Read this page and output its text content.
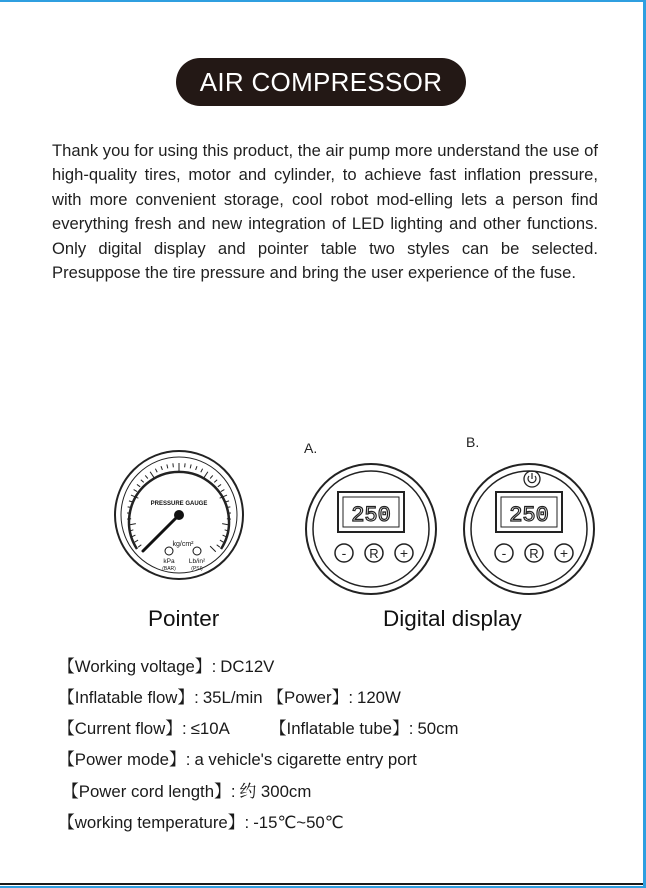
AIR COMPRESSOR
Thank you for using this product, the air pump more understand the use of high-quality tires, motor and cylinder, to achieve fast inflation pressure, with more convenient storage, cool robot mod-elling lets a person find everything fresh and new integration of LED lighting and other functions. Only digital display and pointer table two styles can be selected. Presuppose the tire pressure and bring the user experience of the fuse.
PRESSURE GAUGE
kg/cm²
kPa
(BAR)
Lb/in²
(PSI)
A.
250
- R +
B.
250
- R +
Pointer	Digital display
【Working voltage】: DC12V
【Inflatable flow】: 35L/min 【Power】: 120W
【Current flow】: ≤10A 【Inflatable tube】: 50cm
【Power mode】: a vehicle's cigarette entry port
【Power cord length】: 约 300cm
【working temperature】: -15℃~50℃
